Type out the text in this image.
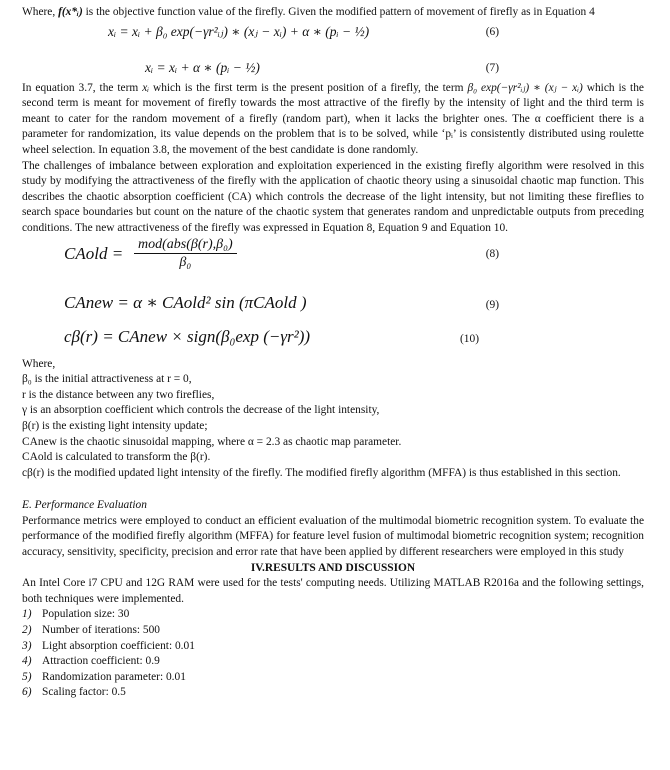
Where, f(x*ᵢ) is the objective function value of the firefly. Given the modified pattern of movement of firefly as in Equation 4

xᵢ = xᵢ + β₀ exp(−γr²ᵢⱼ) ∗ (xⱼ − xᵢ) + α ∗ (pᵢ − ½)	(6)
xᵢ = xᵢ + α ∗ (pᵢ − ½)	(7)

In equation 3.7, the term xᵢ which is the first term is the present position of a firefly, the term β₀ exp(−γr²ᵢⱼ) ∗ (xⱼ − xᵢ) which is the second term is meant for movement of firefly towards the most attractive of the firefly by the intensity of light and the third term is meant to cater for the random movement of a firefly (random part), when it lacks the brighter ones. The α coefficient there is a parameter for randomization, its value depends on the problem that is to be solved, while ‘pᵢ’ is consistently distributed using roulette wheel selection. In equation 3.8, the movement of the best candidate is done randomly.

The challenges of imbalance between exploration and exploitation experienced in the existing firefly algorithm were resolved in this study by modifying the attractiveness of the firefly with the application of chaotic theory using a sinusoidal chaotic map function. This describes the chaotic absorption coefficient (CA) which controls the decrease of the light intensity, but not limiting these fireflies to search space boundaries but count on the nature of the chaotic system that generates random and unpredictable outputs from preceding conditions. The new attractiveness of the firefly was expressed in Equation 8, Equation 9 and Equation 10.

CAold = $\frac{\text{mod(abs(β(r),β₀)}}{\text{β₀}}$	(8)
CAnew = α ∗ CAold² sin (πCAold )	(9)
cβ(r) = CAnew × sign(β₀exp (−γr²))	(10)
Where,
β₀ is the initial attractiveness at r = 0,
r is the distance between any two fireflies,
γ is an absorption coefficient which controls the decrease of the light intensity,
β(r) is the existing light intensity update;
CAnew is the chaotic sinusoidal mapping, where α = 2.3 as chaotic map parameter.
CAold is calculated to transform the β(r).

cβ(r) is the modified updated light intensity of the firefly. The modified firefly algorithm (MFFA) is thus established in this section.

E. Performance Evaluation

Performance metrics were employed to conduct an efficient evaluation of the multimodal biometric recognition system. To evaluate the performance of the modified firefly algorithm (MFFA) for feature level fusion of multimodal biometric recognition system; recognition accuracy, sensitivity, specificity, precision and error rate that have been applied by different researchers were employed in this study

IV.RESULTS AND DISCUSSION

An Intel Core i7 CPU and 12G RAM were used for the tests' computing needs. Utilizing MATLAB R2016a and the following settings, both techniques were implemented.

1) Population size: 30
2) Number of iterations: 500
3) Light absorption coefficient: 0.01
4) Attraction coefficient: 0.9
5) Randomization parameter: 0.01
6) Scaling factor: 0.5
